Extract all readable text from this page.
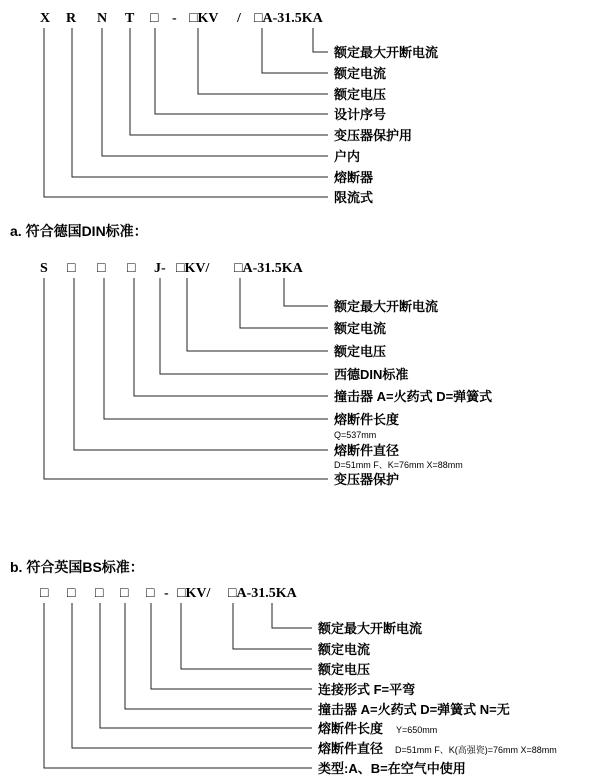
X R N T □ - □KV / □A-31.5KA
额定最大开断电流
额定电流
额定电压
设计序号
变压器保护用
户内
熔断器
限流式
a. 符合德国DIN标准：
S □ □ □ J- □KV/ □A-31.5KA
额定最大开断电流
额定电流
额定电压
西德DIN标准
撞击器 A=火药式 D=弹簧式
熔断件长度
熔断件直径
变压器保护
Q=537mm
D=51mm F、K=76mm X=88mm
b. 符合英国BS标准：
□ □ □ □ □ - □KV/ □A-31.5KA
额定最大开断电流
额定电流
额定电压
连接形式 F=平弯
撞击器 A=火药式 D=弹簧式 N=无
熔断件长度
熔断件直径
类型:A、B=在空气中使用
Y=650mm
D=51mm F、K(高强瓷)=76mm X=88mm
